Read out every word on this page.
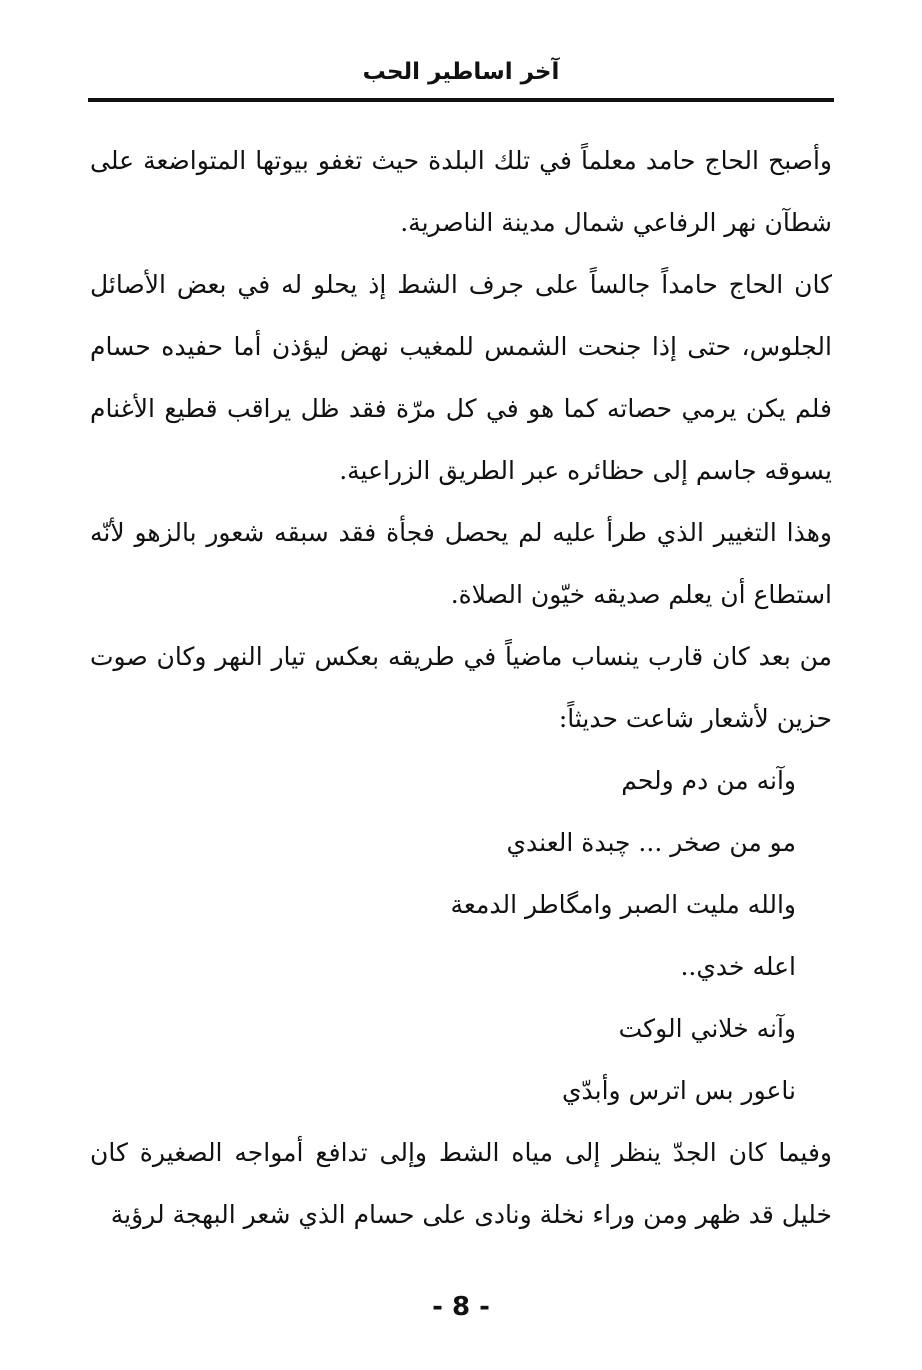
آخر اساطير الحب

وأصبح الحاج حامد معلماً في تلك البلدة حيث تغفو بيوتها المتواضعة على شطآن نهر الرفاعي شمال مدينة الناصرية.

كان الحاج حامداً جالساً على جرف الشط إذ يحلو له في بعض الأصائل الجلوس، حتى إذا جنحت الشمس للمغيب نهض ليؤذن أما حفيده حسام فلم يكن يرمي حصاته كما هو في كل مرّة فقد ظل يراقب قطيع الأغنام يسوقه جاسم إلى حظائره عبر الطريق الزراعية.

وهذا التغيير الذي طرأ عليه لم يحصل فجأة فقد سبقه شعور بالزهو لأنّه استطاع أن يعلم صديقه خيّون الصلاة.

من بعد كان قارب ينساب ماضياً في طريقه بعكس تيار النهر وكان صوت حزين لأشعار شاعت حديثاً:

وآنه من دم ولحم

مو من صخر ... چبدة العندي

والله مليت الصبر وامگاطر الدمعة

اعله خدي..

وآنه خلاني الوكت

ناعور بس اترس وأبدّي

وفيما كان الجدّ ينظر إلى مياه الشط وإلى تدافع أمواجه الصغيرة كان خليل قد ظهر ومن وراء نخلة ونادى على حسام الذي شعر البهجة لرؤية

- 8 -
